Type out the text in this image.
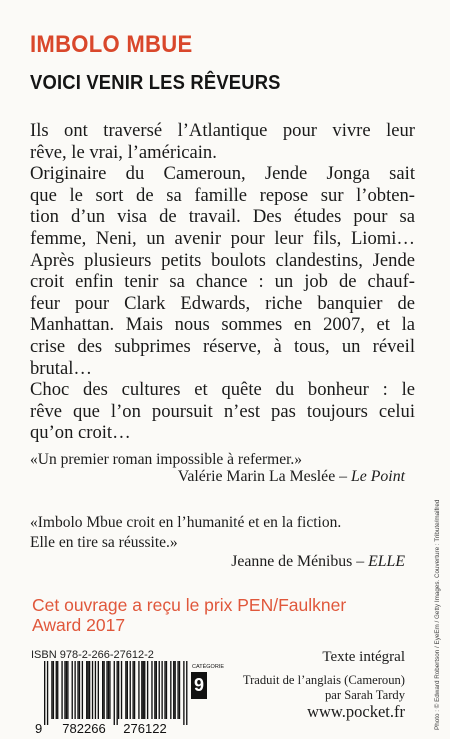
IMBOLO MBUE
VOICI VENIR LES RÊVEURS
Ils ont traversé l’Atlantique pour vivre leur
rêve, le vrai, l’américain.
Originaire du Cameroun, Jende Jonga sait
que le sort de sa famille repose sur l’obten-
tion d’un visa de travail. Des études pour sa
femme, Neni, un avenir pour leur fils, Liomi…
Après plusieurs petits boulots clandestins, Jende
croit enfin tenir sa chance : un job de chauf-
feur pour Clark Edwards, riche banquier de
Manhattan. Mais nous sommes en 2007, et la
crise des subprimes réserve, à tous, un réveil
brutal…
Choc des cultures et quête du bonheur : le
rêve que l’on poursuit n’est pas toujours celui
qu’on croit…
«Un premier roman impossible à refermer.»
Valérie Marin La Meslée – Le Point
«Imbolo Mbue croit en l’humanité et en la fiction.
Elle en tire sa réussite.»
Jeanne de Ménibus – ELLE
Cet ouvrage a reçu le prix PEN/Faulkner
Award 2017
ISBN 978-2-266-27612-2
9 782266 276122
CATÉGORIE
9
Texte intégral
Traduit de l’anglais (Cameroun)
par Sarah Tardy
www.pocket.fr	Photo : © Edward Robertson / EyeEm / Getty Images. Couverture : Tribute/maifred
